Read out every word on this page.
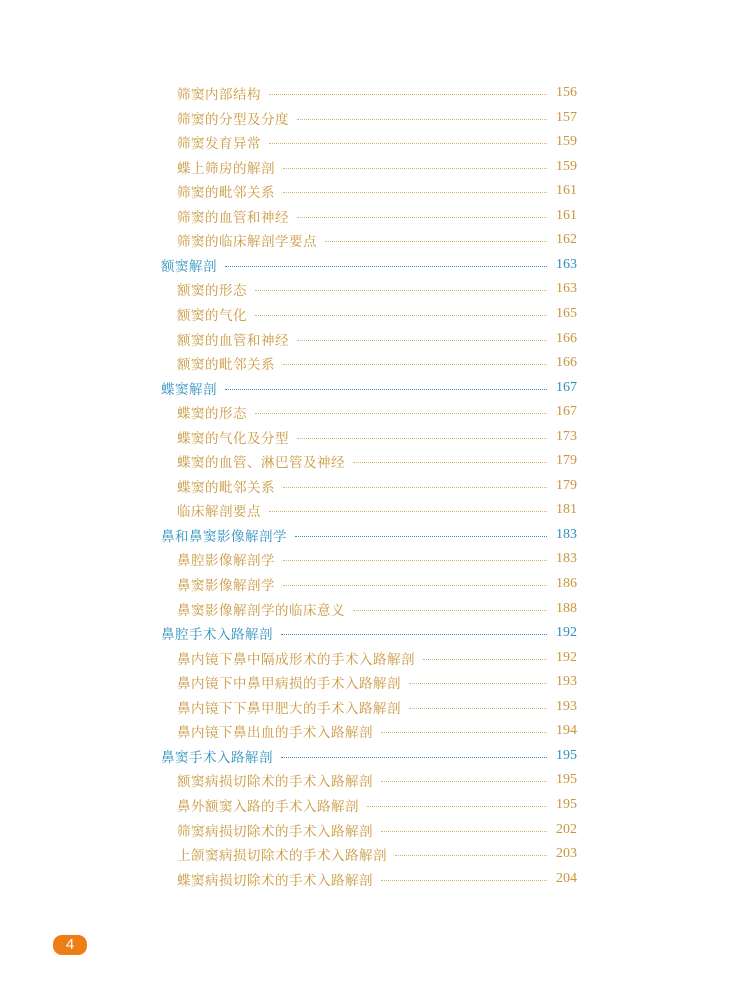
筛窦内部结构	156
筛窦的分型及分度	157
筛窦发育异常	159
蝶上筛房的解剖	159
筛窦的毗邻关系	161
筛窦的血管和神经	161
筛窦的临床解剖学要点	162
额窦解剖	163
额窦的形态	163
额窦的气化	165
额窦的血管和神经	166
额窦的毗邻关系	166
蝶窦解剖	167
蝶窦的形态	167
蝶窦的气化及分型	173
蝶窦的血管、淋巴管及神经	179
蝶窦的毗邻关系	179
临床解剖要点	181
鼻和鼻窦影像解剖学	183
鼻腔影像解剖学	183
鼻窦影像解剖学	186
鼻窦影像解剖学的临床意义	188
鼻腔手术入路解剖	192
鼻内镜下鼻中隔成形术的手术入路解剖	192
鼻内镜下中鼻甲病损的手术入路解剖	193
鼻内镜下下鼻甲肥大的手术入路解剖	193
鼻内镜下鼻出血的手术入路解剖	194
鼻窦手术入路解剖	195
额窦病损切除术的手术入路解剖	195
鼻外额窦入路的手术入路解剖	195
筛窦病损切除术的手术入路解剖	202
上颌窦病损切除术的手术入路解剖	203
蝶窦病损切除术的手术入路解剖	204
4
